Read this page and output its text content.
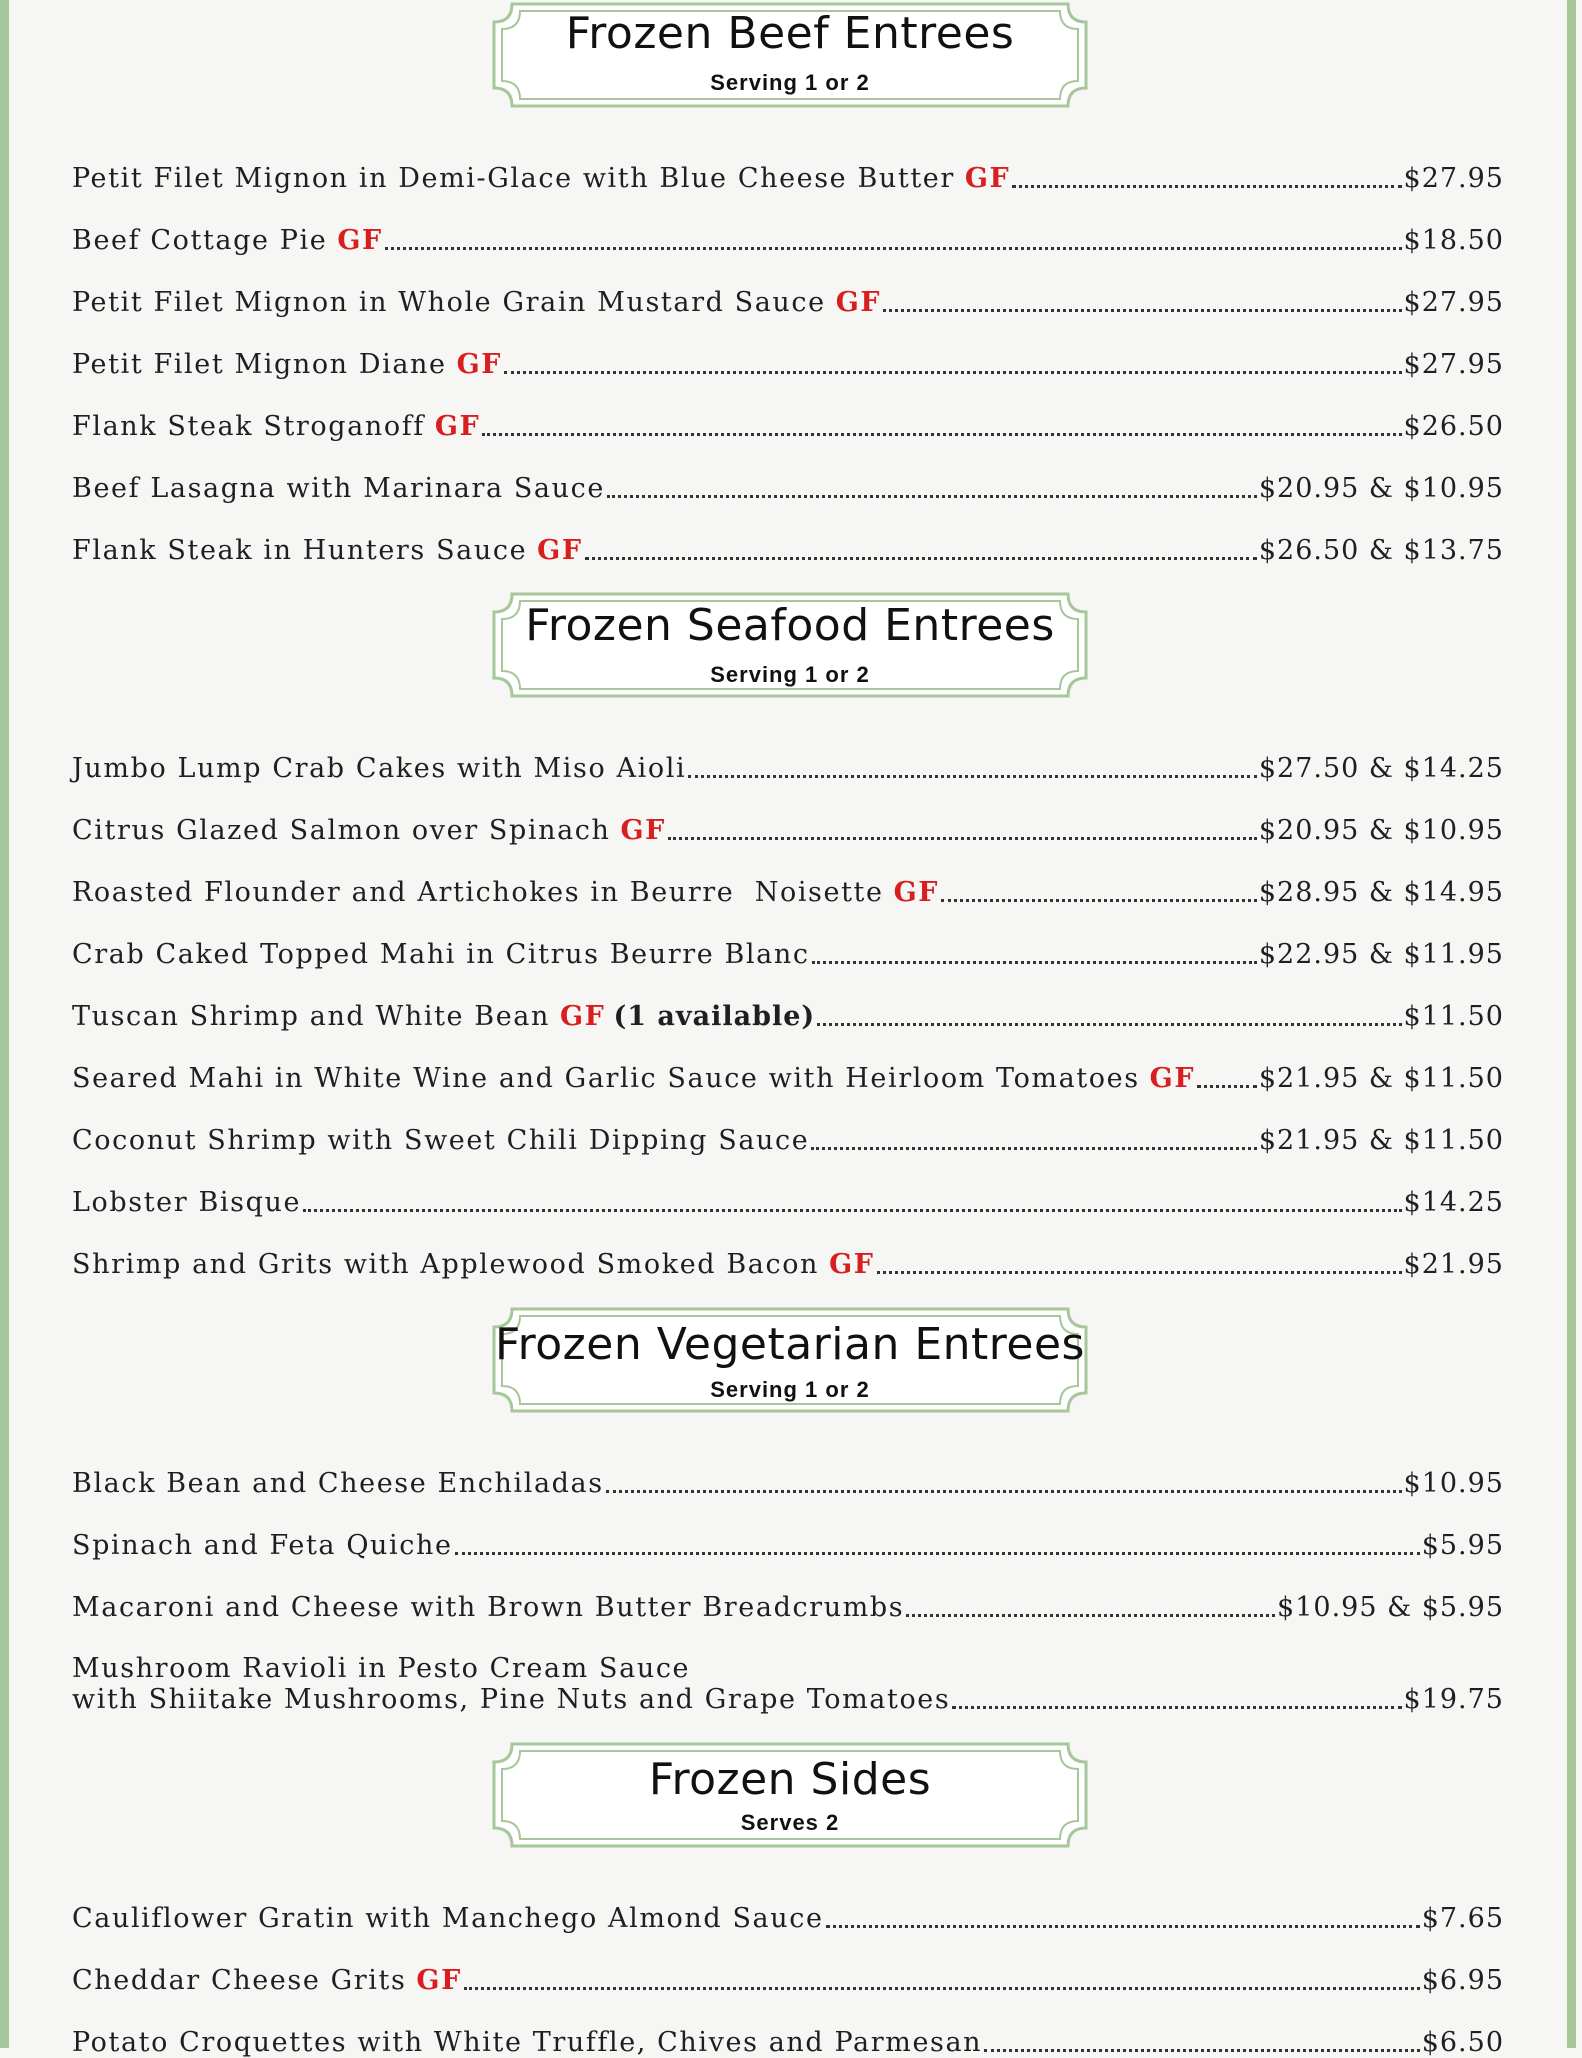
Frozen Beef Entrees
Serving 1 or 2
Petit Filet Mignon in Demi-Glace with Blue Cheese Butter GF	$27.95
Beef Cottage Pie GF	$18.50
Petit Filet Mignon in Whole Grain Mustard Sauce GF	$27.95
Petit Filet Mignon Diane GF	$27.95
Flank Steak Stroganoff GF	$26.50
Beef Lasagna with Marinara Sauce	$20.95 & $10.95
Flank Steak in Hunters Sauce GF	$26.50 & $13.75
Frozen Seafood Entrees
Serving 1 or 2
Jumbo Lump Crab Cakes with Miso Aioli	$27.50 & $14.25
Citrus Glazed Salmon over Spinach GF	$20.95 & $10.95
Roasted Flounder and Artichokes in Beurre  Noisette GF	$28.95 & $14.95
Crab Caked Topped Mahi in Citrus Beurre Blanc	$22.95 & $11.95
Tuscan Shrimp and White Bean GF (1 available)	$11.50
Seared Mahi in White Wine and Garlic Sauce with Heirloom Tomatoes GF $21.95 & $11.50
Coconut Shrimp with Sweet Chili Dipping Sauce	$21.95 & $11.50
Lobster Bisque	$14.25
Shrimp and Grits with Applewood Smoked Bacon GF	$21.95
Frozen Vegetarian Entrees
Serving 1 or 2
Black Bean and Cheese Enchiladas	$10.95
Spinach and Feta Quiche	$5.95
Macaroni and Cheese with Brown Butter Breadcrumbs	$10.95 & $5.95
Mushroom Ravioli in Pesto Cream Sauce
with Shiitake Mushrooms, Pine Nuts and Grape Tomatoes	$19.75
Frozen Sides
Serves 2
Cauliflower Gratin with Manchego Almond Sauce	$7.65
Cheddar Cheese Grits GF	$6.95
Potato Croquettes with White Truffle, Chives and Parmesan	$6.50
